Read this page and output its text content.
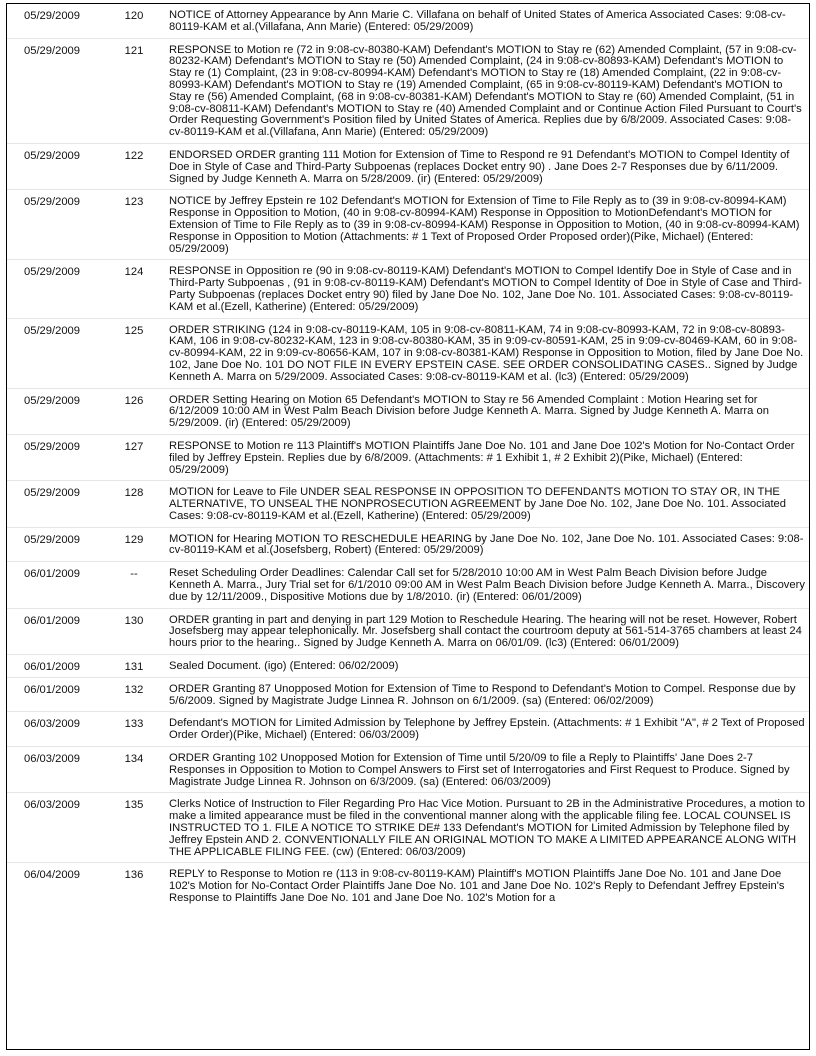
05/29/2009	120	NOTICE of Attorney Appearance by Ann Marie C. Villafana on behalf of United States of America Associated Cases: 9:08-cv-80119-KAM et al.(Villafana, Ann Marie) (Entered: 05/29/2009)
05/29/2009	121	RESPONSE to Motion re (72 in 9:08-cv-80380-KAM) Defendant's MOTION to Stay re (62) Amended Complaint, (57 in 9:08-cv-80232-KAM) Defendant's MOTION to Stay re (50) Amended Complaint, (24 in 9:08-cv-80893-KAM) Defendant's MOTION to Stay re (1) Complaint, (23 in 9:08-cv-80994-KAM) Defendant's MOTION to Stay re (18) Amended Complaint, (22 in 9:08-cv-80993-KAM) Defendant's MOTION to Stay re (19) Amended Complaint, (65 in 9:08-cv-80119-KAM) Defendant's MOTION to Stay re (56) Amended Complaint, (68 in 9:08-cv-80381-KAM) Defendant's MOTION to Stay re (60) Amended Complaint, (51 in 9:08-cv-80811-KAM) Defendant's MOTION to Stay re (40) Amended Complaint and or Continue Action Filed Pursuant to Court's Order Requesting Government's Position filed by United States of America. Replies due by 6/8/2009. Associated Cases: 9:08-cv-80119-KAM et al.(Villafana, Ann Marie) (Entered: 05/29/2009)
05/29/2009	122	ENDORSED ORDER granting 111 Motion for Extension of Time to Respond re 91 Defendant's MOTION to Compel Identity of Doe in Style of Case and Third-Party Subpoenas (replaces Docket entry 90) . Jane Does 2-7 Responses due by 6/11/2009. Signed by Judge Kenneth A. Marra on 5/28/2009. (ir) (Entered: 05/29/2009)
05/29/2009	123	NOTICE by Jeffrey Epstein re 102 Defendant's MOTION for Extension of Time to File Reply as to (39 in 9:08-cv-80994-KAM) Response in Opposition to Motion, (40 in 9:08-cv-80994-KAM) Response in Opposition to MotionDefendant's MOTION for Extension of Time to File Reply as to (39 in 9:08-cv-80994-KAM) Response in Opposition to Motion, (40 in 9:08-cv-80994-KAM) Response in Opposition to Motion (Attachments: # 1 Text of Proposed Order Proposed order)(Pike, Michael) (Entered: 05/29/2009)
05/29/2009	124	RESPONSE in Opposition re (90 in 9:08-cv-80119-KAM) Defendant's MOTION to Compel Identify Doe in Style of Case and in Third-Party Subpoenas , (91 in 9:08-cv-80119-KAM) Defendant's MOTION to Compel Identity of Doe in Style of Case and Third-Party Subpoenas (replaces Docket entry 90) filed by Jane Doe No. 102, Jane Doe No. 101. Associated Cases: 9:08-cv-80119-KAM et al.(Ezell, Katherine) (Entered: 05/29/2009)
05/29/2009	125	ORDER STRIKING (124 in 9:08-cv-80119-KAM, 105 in 9:08-cv-80811-KAM, 74 in 9:08-cv-80993-KAM, 72 in 9:08-cv-80893-KAM, 106 in 9:08-cv-80232-KAM, 123 in 9:08-cv-80380-KAM, 35 in 9:09-cv-80591-KAM, 25 in 9:09-cv-80469-KAM, 60 in 9:08-cv-80994-KAM, 22 in 9:09-cv-80656-KAM, 107 in 9:08-cv-80381-KAM) Response in Opposition to Motion, filed by Jane Doe No. 102, Jane Doe No. 101 DO NOT FILE IN EVERY EPSTEIN CASE. SEE ORDER CONSOLIDATING CASES.. Signed by Judge Kenneth A. Marra on 5/29/2009. Associated Cases: 9:08-cv-80119-KAM et al. (lc3) (Entered: 05/29/2009)
05/29/2009	126	ORDER Setting Hearing on Motion 65 Defendant's MOTION to Stay re 56 Amended Complaint : Motion Hearing set for 6/12/2009 10:00 AM in West Palm Beach Division before Judge Kenneth A. Marra. Signed by Judge Kenneth A. Marra on 5/29/2009. (ir) (Entered: 05/29/2009)
05/29/2009	127	RESPONSE to Motion re 113 Plaintiff's MOTION Plaintiffs Jane Doe No. 101 and Jane Doe 102's Motion for No-Contact Order filed by Jeffrey Epstein. Replies due by 6/8/2009. (Attachments: # 1 Exhibit 1, # 2 Exhibit 2)(Pike, Michael) (Entered: 05/29/2009)
05/29/2009	128	MOTION for Leave to File UNDER SEAL RESPONSE IN OPPOSITION TO DEFENDANTS MOTION TO STAY OR, IN THE ALTERNATIVE, TO UNSEAL THE NONPROSECUTION AGREEMENT by Jane Doe No. 102, Jane Doe No. 101. Associated Cases: 9:08-cv-80119-KAM et al.(Ezell, Katherine) (Entered: 05/29/2009)
05/29/2009	129	MOTION for Hearing MOTION TO RESCHEDULE HEARING by Jane Doe No. 102, Jane Doe No. 101. Associated Cases: 9:08-cv-80119-KAM et al.(Josefsberg, Robert) (Entered: 05/29/2009)
06/01/2009	--	Reset Scheduling Order Deadlines: Calendar Call set for 5/28/2010 10:00 AM in West Palm Beach Division before Judge Kenneth A. Marra., Jury Trial set for 6/1/2010 09:00 AM in West Palm Beach Division before Judge Kenneth A. Marra., Discovery due by 12/11/2009., Dispositive Motions due by 1/8/2010. (ir) (Entered: 06/01/2009)
06/01/2009	130	ORDER granting in part and denying in part 129 Motion to Reschedule Hearing. The hearing will not be reset. However, Robert Josefsberg may appear telephonically. Mr. Josefsberg shall contact the courtroom deputy at 561-514-3765 chambers at least 24 hours prior to the hearing.. Signed by Judge Kenneth A. Marra on 06/01/09. (lc3) (Entered: 06/01/2009)
06/01/2009	131	Sealed Document. (igo) (Entered: 06/02/2009)
06/01/2009	132	ORDER Granting 87 Unopposed Motion for Extension of Time to Respond to Defendant's Motion to Compel. Response due by 5/6/2009. Signed by Magistrate Judge Linnea R. Johnson on 6/1/2009. (sa) (Entered: 06/02/2009)
06/03/2009	133	Defendant's MOTION for Limited Admission by Telephone by Jeffrey Epstein. (Attachments: # 1 Exhibit "A", # 2 Text of Proposed Order Order)(Pike, Michael) (Entered: 06/03/2009)
06/03/2009	134	ORDER Granting 102 Unopposed Motion for Extension of Time until 5/20/09 to file a Reply to Plaintiffs' Jane Does 2-7 Responses in Opposition to Motion to Compel Answers to First set of Interrogatories and First Request to Produce. Signed by Magistrate Judge Linnea R. Johnson on 6/3/2009. (sa) (Entered: 06/03/2009)
06/03/2009	135	Clerks Notice of Instruction to Filer Regarding Pro Hac Vice Motion. Pursuant to 2B in the Administrative Procedures, a motion to make a limited appearance must be filed in the conventional manner along with the applicable filing fee. LOCAL COUNSEL IS INSTRUCTED TO 1. FILE A NOTICE TO STRIKE DE# 133 Defendant's MOTION for Limited Admission by Telephone filed by Jeffrey Epstein AND 2. CONVENTIONALLY FILE AN ORIGINAL MOTION TO MAKE A LIMITED APPEARANCE ALONG WITH THE APPLICABLE FILING FEE. (cw) (Entered: 06/03/2009)
06/04/2009	136	REPLY to Response to Motion re (113 in 9:08-cv-80119-KAM) Plaintiff's MOTION Plaintiffs Jane Doe No. 101 and Jane Doe 102's Motion for No-Contact Order Plaintiffs Jane Doe No. 101 and Jane Doe No. 102's Reply to Defendant Jeffrey Epstein's Response to Plaintiffs Jane Doe No. 101 and Jane Doe No. 102's Motion for a
